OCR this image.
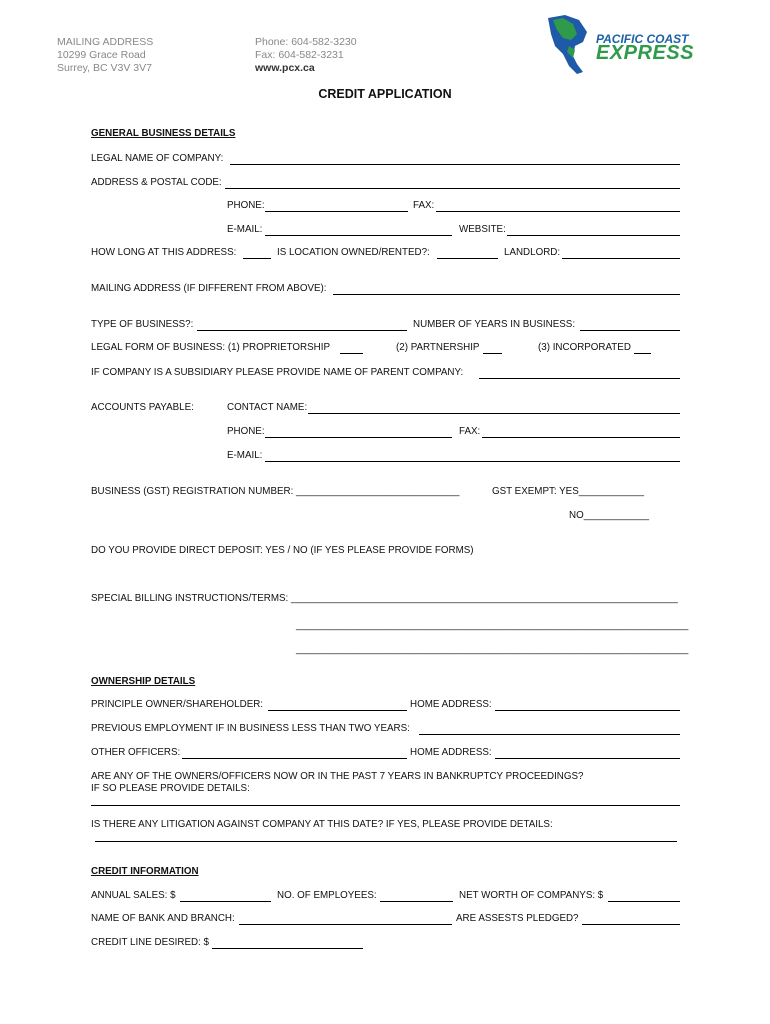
MAILING ADDRESS
10299 Grace Road
Surrey, BC V3V 3V7
Phone: 604-582-3230
Fax: 604-582-3231
www.pcx.ca
PACIFIC COAST
EXPRESS
CREDIT APPLICATION
GENERAL BUSINESS DETAILS
LEGAL NAME OF COMPANY:
ADDRESS & POSTAL CODE:
PHONE:	FAX:
E-MAIL:	WEBSITE:
HOW LONG AT THIS ADDRESS:	IS LOCATION OWNED/RENTED?:	LANDLORD:
MAILING ADDRESS (IF DIFFERENT FROM ABOVE):
TYPE OF BUSINESS?:	NUMBER OF YEARS IN BUSINESS:
LEGAL FORM OF BUSINESS: (1) PROPRIETORSHIP	(2) PARTNERSHIP	(3) INCORPORATED
IF COMPANY IS A SUBSIDIARY PLEASE PROVIDE NAME OF PARENT COMPANY:
ACCOUNTS PAYABLE:	CONTACT NAME:
PHONE:	FAX:
E-MAIL:
BUSINESS (GST) REGISTRATION NUMBER: ______________________________	GST EXEMPT: YES____________
NO____________
DO YOU PROVIDE DIRECT DEPOSIT: YES / NO (IF YES PLEASE PROVIDE FORMS)
SPECIAL BILLING INSTRUCTIONS/TERMS: _______________________________________________________________________
________________________________________________________________________
________________________________________________________________________
OWNERSHIP DETAILS
PRINCIPLE OWNER/SHAREHOLDER:	HOME ADDRESS:
PREVIOUS EMPLOYMENT IF IN BUSINESS LESS THAN TWO YEARS:
OTHER OFFICERS:	HOME ADDRESS:
ARE ANY OF THE OWNERS/OFFICERS NOW OR IN THE PAST 7 YEARS IN BANKRUPTCY PROCEEDINGS?
IF SO PLEASE PROVIDE DETAILS:
IS THERE ANY LITIGATION AGAINST COMPANY AT THIS DATE? IF YES, PLEASE PROVIDE DETAILS:
CREDIT INFORMATION
ANNUAL SALES: $	NO. OF EMPLOYEES:	NET WORTH OF COMPANYS: $
NAME OF BANK AND BRANCH:	ARE ASSESTS PLEDGED?
CREDIT LINE DESIRED: $
